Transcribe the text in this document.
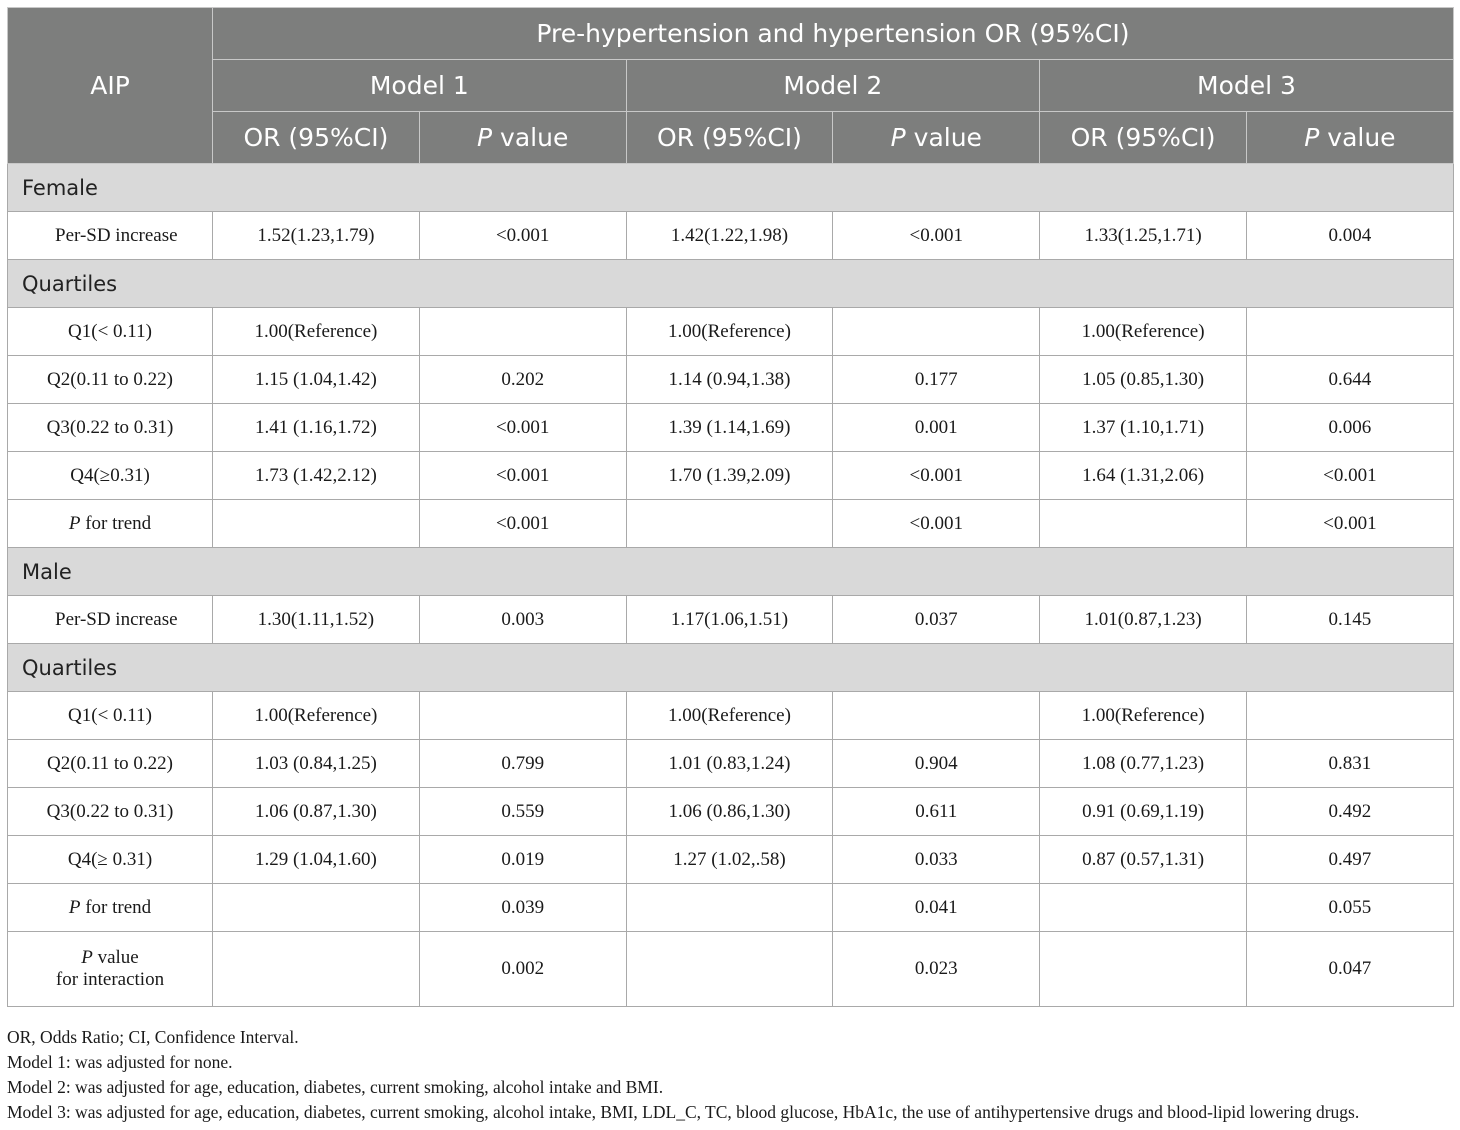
AIP	Pre-hypertension and hypertension OR (95%CI)					
	Model 1		Model 2		Model 3	
	OR (95%CI)	P value	OR (95%CI)	P value	OR (95%CI)	P value
Female						
Per-SD increase	1.52(1.23,1.79)	<0.001	1.42(1.22,1.98)	<0.001	1.33(1.25,1.71)	0.004
Quartiles						
Q1(< 0.11)	1.00(Reference)		1.00(Reference)		1.00(Reference)	
Q2(0.11 to 0.22)	1.15 (1.04,1.42)	0.202	1.14 (0.94,1.38)	0.177	1.05 (0.85,1.30)	0.644
Q3(0.22 to 0.31)	1.41 (1.16,1.72)	<0.001	1.39 (1.14,1.69)	0.001	1.37 (1.10,1.71)	0.006
Q4(≥0.31)	1.73 (1.42,2.12)	<0.001	1.70 (1.39,2.09)	<0.001	1.64 (1.31,2.06)	<0.001
P for trend		<0.001		<0.001		<0.001
Male						
Per-SD increase	1.30(1.11,1.52)	0.003	1.17(1.06,1.51)	0.037	1.01(0.87,1.23)	0.145
Quartiles						
Q1(< 0.11)	1.00(Reference)		1.00(Reference)		1.00(Reference)	
Q2(0.11 to 0.22)	1.03 (0.84,1.25)	0.799	1.01 (0.83,1.24)	0.904	1.08 (0.77,1.23)	0.831
Q3(0.22 to 0.31)	1.06 (0.87,1.30)	0.559	1.06 (0.86,1.30)	0.611	0.91 (0.69,1.19)	0.492
Q4(≥ 0.31)	1.29 (1.04,1.60)	0.019	1.27 (1.02,.58)	0.033	0.87 (0.57,1.31)	0.497
P for trend		0.039		0.041		0.055
P value
for interaction		0.002		0.023		0.047
OR, Odds Ratio; CI, Confidence Interval.
Model 1: was adjusted for none.
Model 2: was adjusted for age, education, diabetes, current smoking, alcohol intake and BMI.
Model 3: was adjusted for age, education, diabetes, current smoking, alcohol intake, BMI, LDL_C, TC, blood glucose, HbA1c, the use of antihypertensive drugs and blood-lipid lowering drugs.
